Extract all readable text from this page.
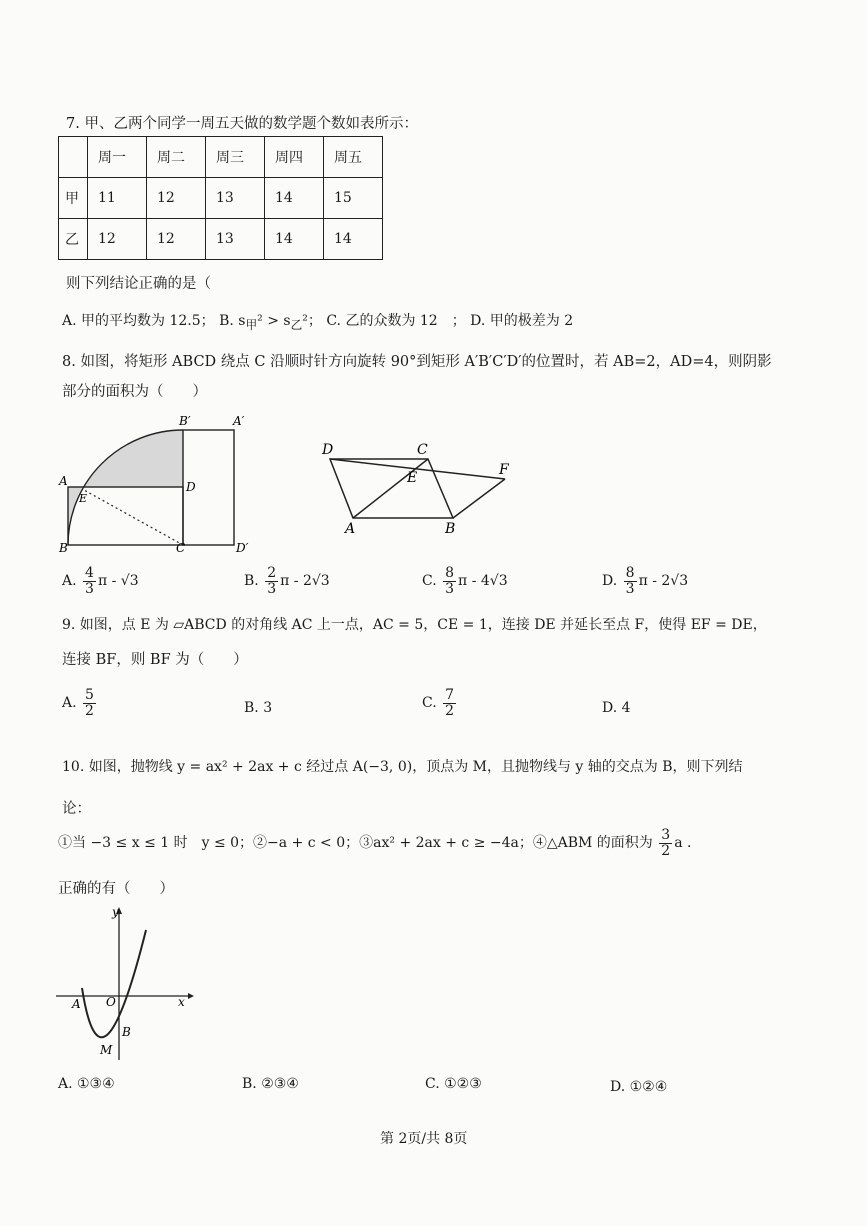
7. 甲、乙两个同学一周五天做的数学题个数如表所示：
	周一	周二	周三	周四	周五
甲	11	12	13	14	15
乙	12	12	13	14	14
则下列结论正确的是（
A. 甲的平均数为 12.5； B. $s_甲^2 > s_乙^2$； C. 乙的众数为 12　； D. 甲的极差为 2
8. 如图，将矩形 ABCD 绕点 C 沿顺时针方向旋转 90°到矩形 A′B′C′D′的位置时，若 AB=2，AD=4，则阴影
部分的面积为（　　）
B′	A′
A	D
E
B	C	D′
D	C
F
E
A	B
A. $\frac{4}{3}$ π - √3	B. $\frac{2}{3}$ π - 2√3	C. $\frac{8}{3}$ π - 4√3	D. $\frac{8}{3}$ π - 2√3
9. 如图，点 E 为 ▱ABCD 的对角线 AC 上一点，AC = 5，CE = 1，连接 DE 并延长至点 F，使得 EF = DE，
连接 BF，则 BF 为（　　）
A. $\frac{5}{2}$	B. 3	C. $\frac{7}{2}$	D. 4
10. 如图，抛物线 y = ax² + 2ax + c 经过点 A(−3, 0)，顶点为 M，且抛物线与 y 轴的交点为 B，则下列结
论：
①当 −3 ≤ x ≤ 1 时　y ≤ 0；②−a + c < 0；③ax² + 2ax + c ≥ −4a；④△ABM 的面积为 $\frac{3}{2}$ a .
正确的有（　　）
y
x
O
A
B
M
A. ①③④	B. ②③④	C. ①②③	D. ①②④
第 2页/共 8页
